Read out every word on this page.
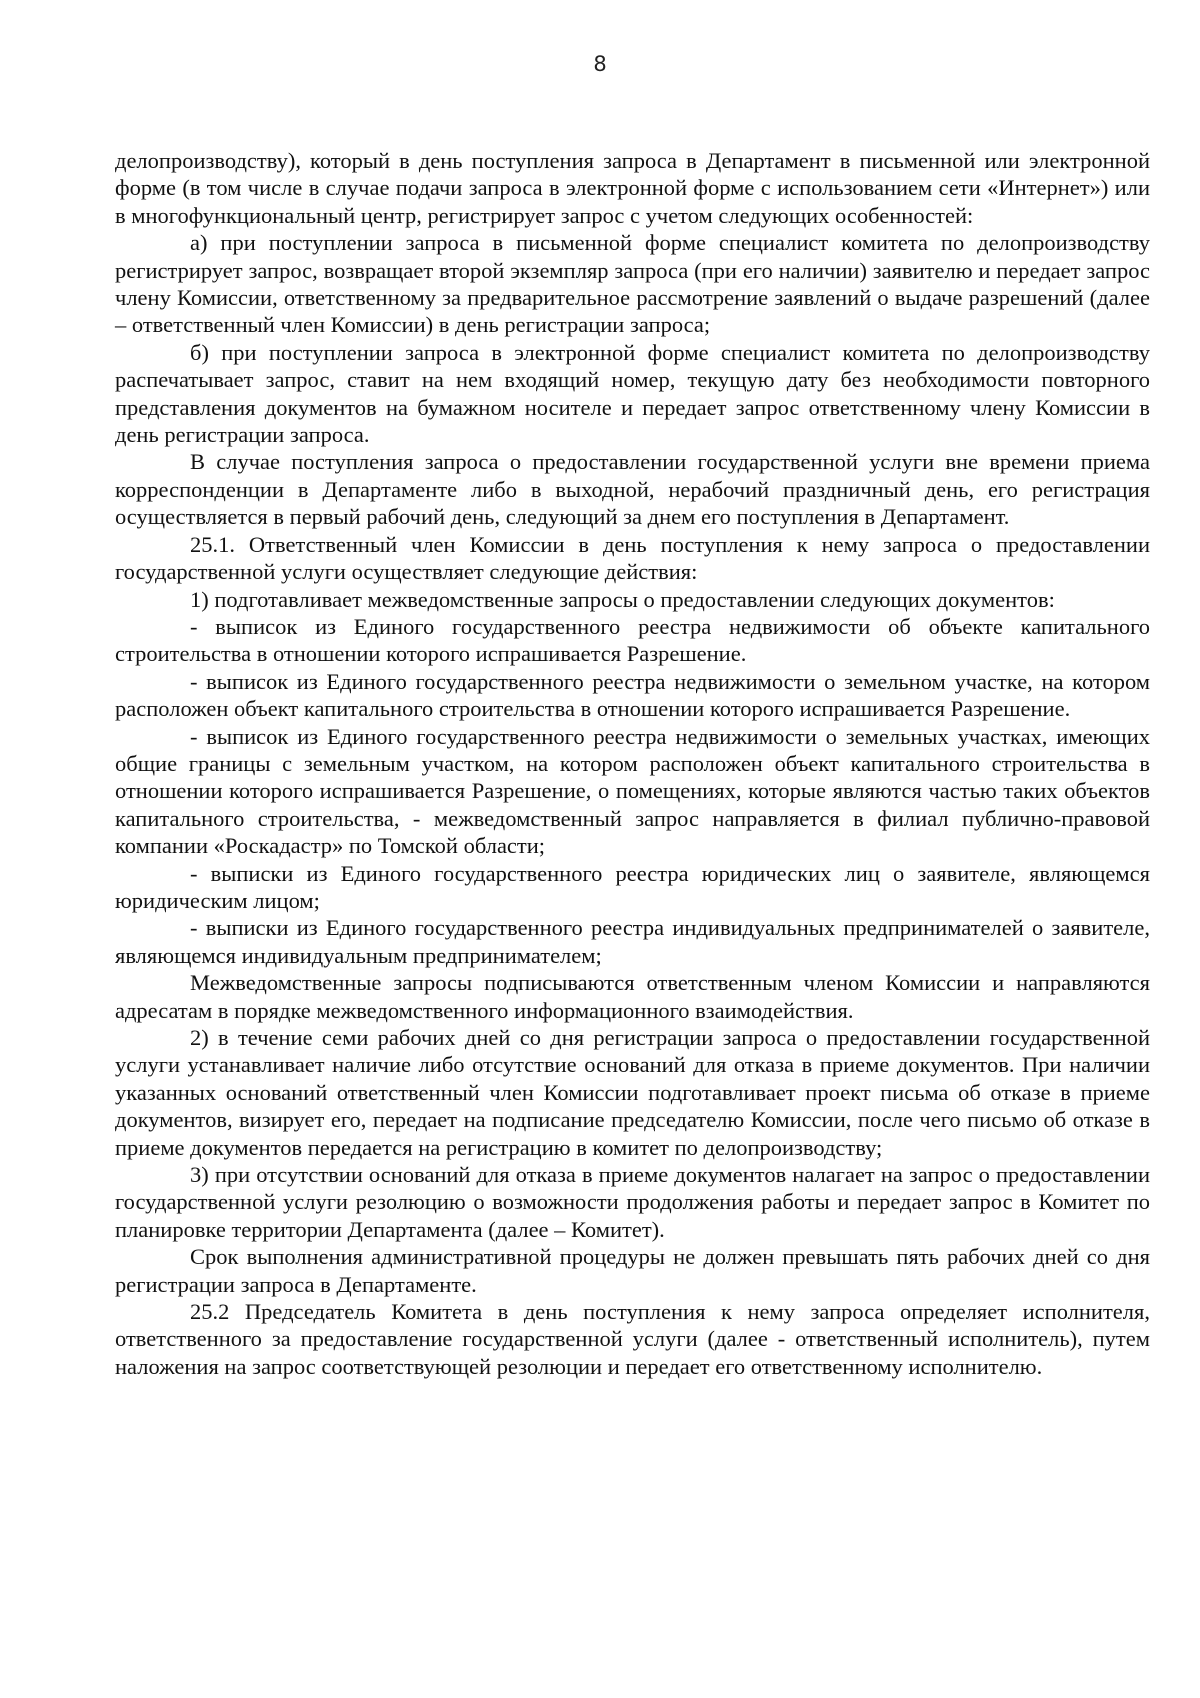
8

делопроизводству), который в день поступления запроса в Департамент в письменной или электронной форме (в том числе в случае подачи запроса в электронной форме с использованием сети «Интернет») или в многофункциональный центр, регистрирует запрос с учетом следующих особенностей:

а) при поступлении запроса в письменной форме специалист комитета по делопроизводству регистрирует запрос, возвращает второй экземпляр запроса (при его наличии) заявителю и передает запрос члену Комиссии, ответственному за предварительное рассмотрение заявлений о выдаче разрешений (далее – ответственный член Комиссии) в день регистрации запроса;

б) при поступлении запроса в электронной форме специалист комитета по делопроизводству распечатывает запрос, ставит на нем входящий номер, текущую дату без необходимости повторного представления документов на бумажном носителе и передает запрос ответственному члену Комиссии в день регистрации запроса.

В случае поступления запроса о предоставлении государственной услуги вне времени приема корреспонденции в Департаменте либо в выходной, нерабочий праздничный день, его регистрация осуществляется в первый рабочий день, следующий за днем его поступления в Департамент.

25.1. Ответственный член Комиссии в день поступления к нему запроса о предоставлении государственной услуги осуществляет следующие действия:

1) подготавливает межведомственные запросы о предоставлении следующих документов:

- выписок из Единого государственного реестра недвижимости об объекте капитального строительства в отношении которого испрашивается Разрешение.

- выписок из Единого государственного реестра недвижимости о земельном участке, на котором расположен объект капитального строительства в отношении которого испрашивается Разрешение.

- выписок из Единого государственного реестра недвижимости о земельных участках, имеющих общие границы с земельным участком, на котором расположен объект капитального строительства в отношении которого испрашивается Разрешение, о помещениях, которые являются частью таких объектов капитального строительства, - межведомственный запрос направляется в филиал публично-правовой компании «Роскадастр» по Томской области;

- выписки из Единого государственного реестра юридических лиц о заявителе, являющемся юридическим лицом;

- выписки из Единого государственного реестра индивидуальных предпринимателей о заявителе, являющемся индивидуальным предпринимателем;

Межведомственные запросы подписываются ответственным членом Комиссии и направляются адресатам в порядке межведомственного информационного взаимодействия.

2) в течение семи рабочих дней со дня регистрации запроса о предоставлении государственной услуги устанавливает наличие либо отсутствие оснований для отказа в приеме документов. При наличии указанных оснований ответственный член Комиссии подготавливает проект письма об отказе в приеме документов, визирует его, передает на подписание председателю Комиссии, после чего письмо об отказе в приеме документов передается на регистрацию в комитет по делопроизводству;

3) при отсутствии оснований для отказа в приеме документов налагает на запрос о предоставлении государственной услуги резолюцию о возможности продолжения работы и передает запрос в Комитет по планировке территории Департамента (далее – Комитет).

Срок выполнения административной процедуры не должен превышать пять рабочих дней со дня регистрации запроса в Департаменте.

25.2 Председатель Комитета в день поступления к нему запроса определяет исполнителя, ответственного за предоставление государственной услуги (далее - ответственный исполнитель), путем наложения на запрос соответствующей резолюции и передает его ответственному исполнителю.
